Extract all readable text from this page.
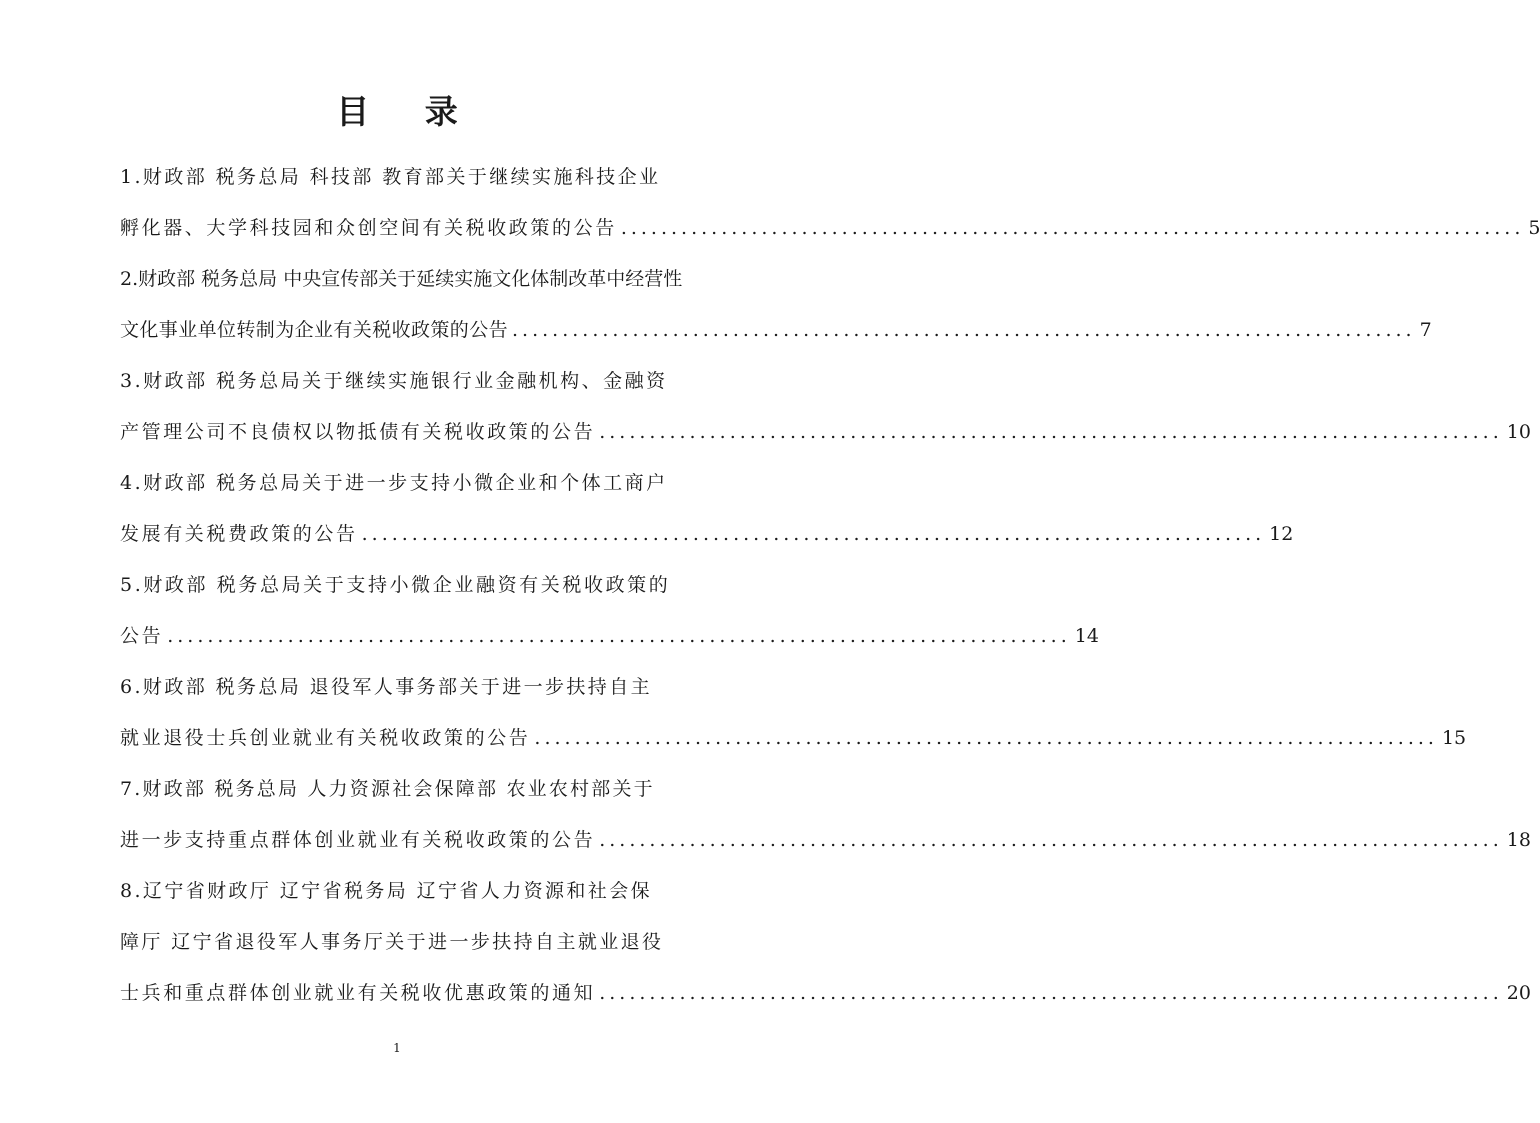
目 录
1.财政部 税务总局 科技部 教育部关于继续实施科技企业
孵化器、大学科技园和众创空间有关税收政策的公告 .......................................................................................... 5
2.财政部 税务总局 中央宣传部关于延续实施文化体制改革中经营性
文化事业单位转制为企业有关税收政策的公告 .......................................................................................... 7
3.财政部 税务总局关于继续实施银行业金融机构、金融资
产管理公司不良债权以物抵债有关税收政策的公告 .......................................................................................... 10
4.财政部 税务总局关于进一步支持小微企业和个体工商户
发展有关税费政策的公告 .......................................................................................... 12
5.财政部 税务总局关于支持小微企业融资有关税收政策的
公告 .......................................................................................... 14
6.财政部 税务总局 退役军人事务部关于进一步扶持自主
就业退役士兵创业就业有关税收政策的公告 .......................................................................................... 15
7.财政部 税务总局 人力资源社会保障部 农业农村部关于
进一步支持重点群体创业就业有关税收政策的公告 .......................................................................................... 18
8.辽宁省财政厅 辽宁省税务局 辽宁省人力资源和社会保
障厅 辽宁省退役军人事务厅关于进一步扶持自主就业退役
士兵和重点群体创业就业有关税收优惠政策的通知 .......................................................................................... 20
1
